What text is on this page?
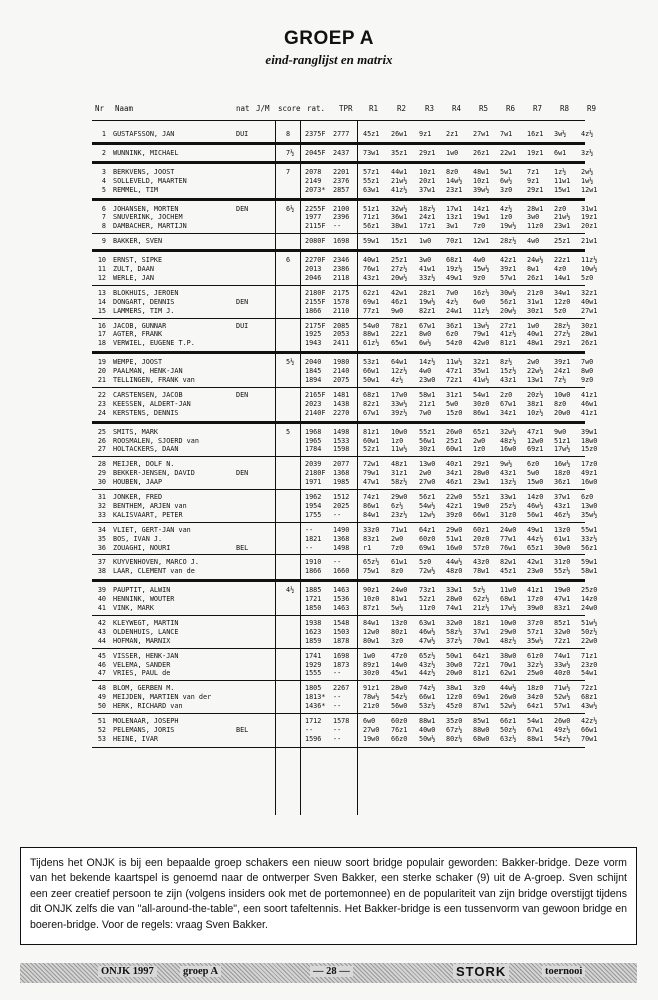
GROEP A
eind-ranglijst en matrix
Nr Naam	nat J/M score rat. TPR R1	R2	R3 R4 R5 R6 R7 R8 R9
8
1 GUSTAFSSON, JAN	DUI	2375F 2777 45z1	26w1	9z1	2z1	27w1	7w1	16z1	3w½	4z½
7½
2 WUNNINK, MICHAEL	2045F 2437 73w1	35z1	29z1	1w0	26z1	22w1	19z1	6w1	3z½
7
3 BERKVENS, JOOST	2078 2201 57z1	44w1	10z1	8z0	48w1	5w1	7z1	1z½	2w½
4 SOLLEVELD, MAARTEN	2149 2376 55z1	21w½	20z1	14w½	10z1	6w½	9z1	11w1	1w½
5 REMMEL, TIM	2073* 2857 63w1	41z½	37w1	23z1	39w½	3z0	29z1	15w1	12w1
6½
6 JOHANSEN, MORTEN	DEN	2255F 2100 51z1	32w½	18z½	17w1	14z1	4z½	28w1	2z0	31w1
7 SNUVERINK, JOCHEM	1977 2396 71z1	36w1	24z1	13z1	19w1	1z0	3w0	21w½	19z1
8 DAMBACHER, MARTIJN	2115F --	56z1	38w1	17z1	3w1	7z0	19w½	11z0	23w1	20z1
9 BAKKER, SVEN	2080F 1698 59w1	15z1	1w0	70z1	12w1	28z½	4w0	25z1	21w1
6
10 ERNST, SIPKE	2270F 2346 40w1	25z1	3w0	68z1	4w0	42z1	24w½	22z1	11z½
11 ZULT, DAAN	2013 2386 76w1	27z½	41w1	19z½	15w½	39z1	8w1	4z0	10w½
12 WERLE, JAN	2046 2118 43z1	20w½	33z½	49w1	9z0	57w1	26z1	14w1	5z0
13 BLOKHUIS, JEROEN	2180F 2175 62z1	42w1	28z1	7w0	16z½	30w½	21z0	34w1	32z1
14 DONGART, DENNIS	DEN	2155F 1578 69w1	46z1	19w½	4z½	6w0	56z1	31w1	12z0	40w1
15 LAMMERS, TIM J.	1866 2110 77z1	9w0	82z1	24w1	11z½	20w½	30z1	5z0	27w1
16 JACOB, GUNNAR	DUI	2175F 2085 54w0	78z1	67w1	36z1	13w½	27z1	1w0	28z½	30z1
17 AGTER, FRANK	1925 2053 88w1	22z1	8w0	6z0	79w1	41z½	40w1	27z½	28w1
18 VERWIEL, EUGENE T.P.	1943 2411 61z½	65w1	6w½	54z0	42w0	81z1	48w1	29z1	26z1
5½
19 WEMPE, JOOST	2040 1980 53z1	64w1	14z½	11w½	32z1	8z½	2w0	39z1	7w0
20 PAALMAN, HENK-JAN	1845 2140 66w1	12z½	4w0	47z1	35w1	15z½	22w½	24z1	8w0
21 TELLINGEN, FRANK van	1894 2075 50w1	4z½	23w0	72z1	41w½	43z1	13w1	7z½	9z0
22 CARSTENSEN, JACOB	DEN	2165F 1481 68z1	17w0	58w1	31z1	54w1	2z0	20z½	10w0	41z1
23 KEESSEN, ALDERT-JAN	2023 1438 82z1	33w½	21z1	5w0	30z0	67w1	38z1	8z0	46w1
24 KERSTENS, DENNIS	2140F 2270 67w1	39z½	7w0	15z0	86w1	34z1	10z½	20w0	41z1
5
25 SMITS, MARK	1968 1498 81z1	10w0	55z1	26w0	65z1	32w½	47z1	9w0	39w1
26 ROOSMALEN, SJOERD van	1965 1533 60w1	1z0	56w1	25z1	2w0	48z½	12w0	51z1	18w0
27 HOLTACKERS, DAAN	1784 1598 52z1	11w½	30z1	60w1	1z0	16w0	69z1	17w½	15z0
28 MEIJER, DOLF N.	2039 2077 72w1	48z1	13w0	40z1	29z1	9w½	6z0	16w½	17z0
29 BEKKER-JENSEN, DAVID	DEN	2180F 1368 79w1	31z1	2w0	34z1	28w0	43z1	5w0	18z0	49z1
30 HOUBEN, JAAP	1971 1985 47w1	58z½	27w0	46z1	23w1	13z½	15w0	36z1	16w0
31 JONKER, FRED	1962 1512 74z1	29w0	56z1	22w0	55z1	33w1	14z0	37w1	6z0
32 BENTHEM, ARJEN van	1954 2025 86w1	6z½	54w½	42z1	19w0	25z½	46w½	43z1	13w0
33 KALISVAART, PETER	1755 --	84w1	23z½	12w½	39z0	66w1	31z0	56w1	46z½	35w½
34 VLIET, GERT-JAN van	--	1490 33z0	71w1	64z1	29w0	60z1	24w0	49w1	13z0	55w1
35 BOS, IVAN J.	1821 1368 83z1	2w0	60z0	51w1	20z0	77w1	44z½	61w1	33z½
36 ZOUAGHI, NOURI	BEL	--	1498 r1	7z0	69w1	16w0	57z0	76w1	65z1	30w0	56z1
37 KUYVENHOVEN, MARCO J.	1910 --	65z½	61w1	5z0	44w½	43z0	82w1	42w1	31z0	59w1
38 LAAR, CLEMENT van de	1866 1660 75w1	8z0	72w½	48z0	78w1	45z1	23w0	55z½	58w1
4½
39 PAUPTIT, ALWIN	1885 1463 90z1	24w0	73z1	33w1	5z½	11w0	41z1	19w0	25z0
40 HENNINK, WOUTER	1721 1536 10z0	81w1	52z1	28w0	62z½	68w1	17z0	47w1	14z0
41 VINK, MARK	1850 1463 87z1	5w½	11z0	74w1	21z½	17w½	39w0	83z1	24w0
42 KLEYWEGT, MARTIN	1938 1548 84w1	13z0	63w1	32w0	18z1	10w0	37z0	85z1	51w½
43 OLDENHUIS, LANCE	1623 1503 12w0	80z1	46w½	58z½	37w1	29w0	57z1	32w0	50z½
44 HOFMAN, MARNIX	1859 1878 80w1	3z0	47w½	37z½	70w1	48z½	35w½	72z1	22w0
45 VISSER, HENK-JAN	1741 1698 1w0	47z0	65z½	50w1	64z1	38w0	61z0	74w1	71z1
46 VELEMA, SANDER	1929 1873 89z1	14w0	43z½	30w0	72z1	70w1	32z½	33w½	23z0
47 VRIES, PAUL de	1555 --	30z0	45w1	44z½	20w0	81z1	62w1	25w0	40z0	54w1
48 BLOM, GERBEN M.	1805 2267 91z1	28w0	74z½	38w1	3z0	44w½	18z0	71w½	72z1
49 MEIJDEN, MARTIEN van der	1813* --	78w½	54z½	66w1	12z0	69w1	26w0	34z0	52w½	68z1
50 HERK, RICHARD van	1436* --	21z0	56w0	53z½	45z0	87w1	52w½	64z1	57w1	43w½
51 MOLENAAR, JOSEPH	1712 1578 6w0	60z0	88w1	35z0	85w1	66z1	54w1	26w0	42z½
52 PELEMANS, JORIS	BEL	--	--	27w0	76z1	40w0	67z½	88w0	50z½	67w1	49z½	66w1
53 HEINE, IVAR	1596 --	19w0	66z0	50w½	80z½	68w0	63z½	88w1	54z½	70w1

Tijdens het ONJK is bij een bepaalde groep schakers een nieuw soort bridge populair geworden: Bakker-bridge. Deze vorm van het bekende kaartspel is genoemd naar de ontwerper Sven Bakker, een sterke schaker (9) uit de A-groep. Sven schijnt een zeer creatief persoon te zijn (volgens insiders ook met de portemonnee) en de populariteit van zijn bridge overstijgt tijdens dit ONJK zelfs die van "all-around-the-table", een soort tafeltennis. Het Bakker-bridge is een tussenvorm van gewoon bridge en boeren-bridge. Voor de regels: vraag Sven Bakker.

ONJK 1997	groep A	— 28 —	STORK	toernooi
